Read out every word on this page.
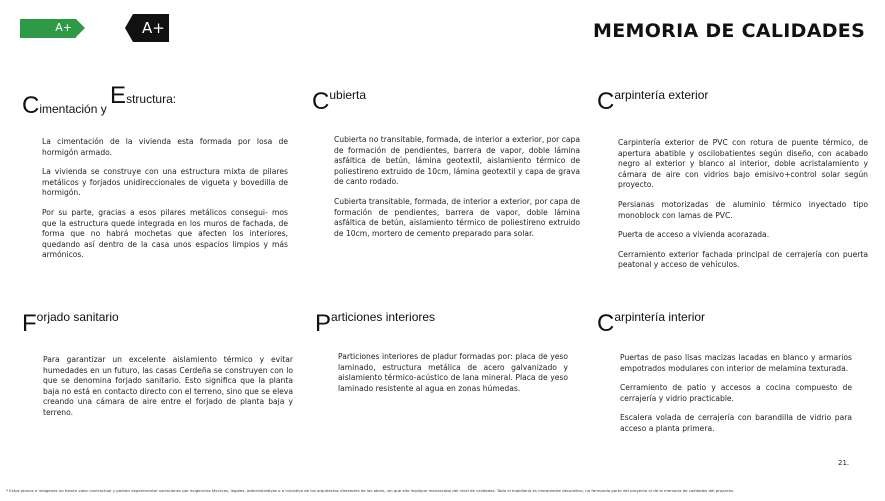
A+	A+	MEMORIA DE CALIDADES
Cimentación y Estructura:

La cimentación de la vivienda esta formada por losa de hormigón armado.

La vivienda se construye con una estructura mixta de pilares metálicos y forjados unidireccionales de vigueta y bovedilla de hormigón.

Por su parte, gracias a esos pilares metálicos consegui- mos que la estructura quede integrada en los muros de fachada, de forma que no habrá mochetas que afecten los interiores, quedando así dentro de la casa unos espacios limpios y más armónicos.

Cubierta

Cubierta no transitable, formada, de interior a exterior, por capa de formación de pendientes, barrera de vapor, doble lámina asfáltica de betún, lámina geotextil, aislamiento térmico de poliestireno extruido de 10cm, lámina geotextil y capa de grava de canto rodado.

Cubierta transitable, formada, de interior a exterior, por capa de formación de pendientes, barrera de vapor, doble lámina asfáltica de betún, aislamiento térmico de poliestireno extruido de 10cm, mortero de cemento preparado para solar.

Carpintería exterior

Carpintería exterior de PVC con rotura de puente térmico, de apertura abatible y oscilobatientes según diseño, con acabado negro al exterior y blanco al interior, doble acristalamiento y cámara de aire con vidrios bajo emisivo+control solar según proyecto.

Persianas motorizadas de aluminio térmico inyectado tipo monoblock con lamas de PVC.

Puerta de acceso a vivienda acorazada.

Cerramiento exterior fachada principal de cerrajería con puerta peatonal y acceso de vehículos.

Forjado sanitario

Para garantizar un excelente aislamiento térmico y evitar humedades en un futuro, las casas Cerdeña se construyen con lo que se denomina forjado sanitario. Esto significa que la planta baja no está en contacto directo con el terreno, sino que se eleva creando una cámara de aire entre el forjado de planta baja y terreno.

Particiones interiores

Particiones interiores de pladur formadas por: placa de yeso laminado, estructura metálica de acero galvanizado y aislamiento térmico-acústico de lana mineral. Placa de yeso laminado resistente al agua en zonas húmedas.

Carpintería interior

Puertas de paso lisas macizas lacadas en blanco y armarios empotrados modulares con interior de melamina texturada.

Cerramiento de patio y accesos a cocina compuesto de cerrajería y vidrio practicable.

Escalera volada de cerrajería con barandilla de vidrio para acceso a planta primera.

21.
* Estos planos e imágenes no tienen valor contractual y podrán experimentar variaciones por exigencias técnicas, legales, administrativas o a iniciativa de los arquitectos directores de las obras, sin que ello implique menoscabo del nivel de calidades. Todo el mobiliario es meramente decorativo, no formando parte del proyecto ni de la memoria de calidades del proyecto.
